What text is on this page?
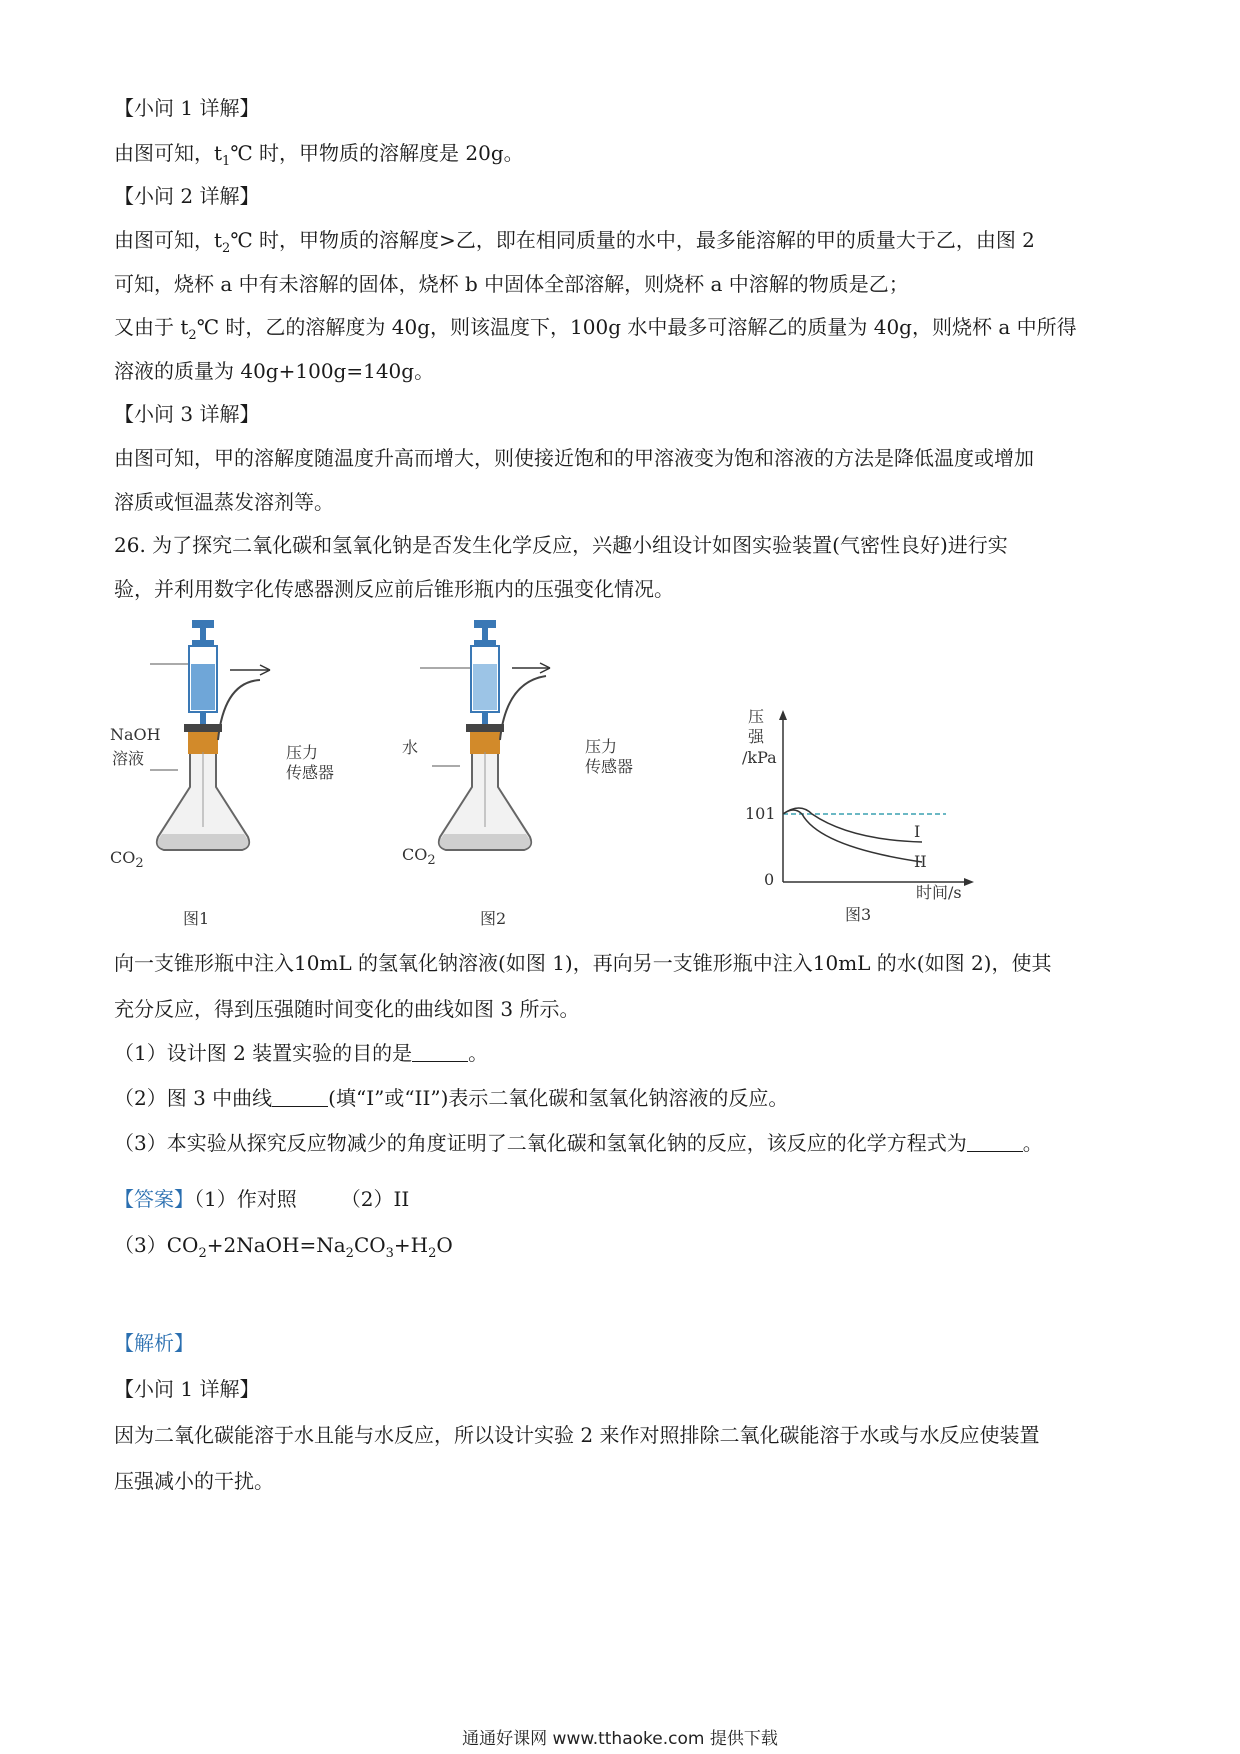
【小问 1 详解】
由图可知，$t_1℃$ 时，甲物质的溶解度是 20g。
【小问 2 详解】
由图可知，$t_2℃$ 时，甲物质的溶解度>乙，即在相同质量的水中，最多能溶解的甲的质量大于乙，由图 2
可知，烧杯 a 中有未溶解的固体，烧杯 b 中固体全部溶解，则烧杯 a 中溶解的物质是乙；
又由于 $t_2℃$ 时，乙的溶解度为 40g，则该温度下，100g 水中最多可溶解乙的质量为 40g，则烧杯 a 中所得
溶液的质量为 40g+100g=140g。
【小问 3 详解】
由图可知，甲的溶解度随温度升高而增大，则使接近饱和的甲溶液变为饱和溶液的方法是降低温度或增加
溶质或恒温蒸发溶剂等。
26. 为了探究二氧化碳和氢氧化钠是否发生化学反应，兴趣小组设计如图实验装置(气密性良好)进行实
验，并利用数字化传感器测反应前后锥形瓶内的压强变化情况。
NaOH
溶液
$CO_2$
压力
传感器
图1
水
$CO_2$
压力
传感器
图2
压
强
/kPa
101
0
I
II
时间/s
图3
向一支锥形瓶中注入10mL 的氢氧化钠溶液(如图 1)，再向另一支锥形瓶中注入10mL 的水(如图 2)，使其
充分反应，得到压强随时间变化的曲线如图 3 所示。
（1）设计图 2 装置实验的目的是	。
（2）图 3 中曲线	(填“I”或“II”)表示二氧化碳和氢氧化钠溶液的反应。
（3）本实验从探究反应物减少的角度证明了二氧化碳和氢氧化钠的反应，该反应的化学方程式为	。
【答案】（1）作对照 （2）II
$(3)CO_2+2NaOH=Na_2CO_3+H_2O$
【解析】
【小问 1 详解】
因为二氧化碳能溶于水且能与水反应，所以设计实验 2 来作对照排除二氧化碳能溶于水或与水反应使装置
压强减小的干扰。
通通好课网 www.tthaoke.com 提供下载
